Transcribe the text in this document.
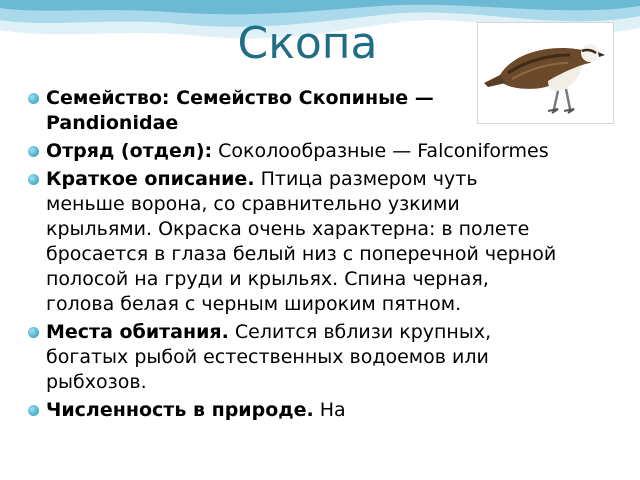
Скопа
Семейство: Семейство Скопиные — Pandionidae
Отряд (отдел): Соколообразные — Falconiformes
Краткое описание. Птица размером чуть меньше ворона, со сравнительно узкими крыльями. Окраска очень характерна: в полете бросается в глаза белый низ с поперечной черной полосой на груди и крыльях. Спина черная, голова белая с черным широким пятном.
Места обитания. Селится вблизи крупных, богатых рыбой естественных водоемов или рыбхозов.
Численность в природе. На
